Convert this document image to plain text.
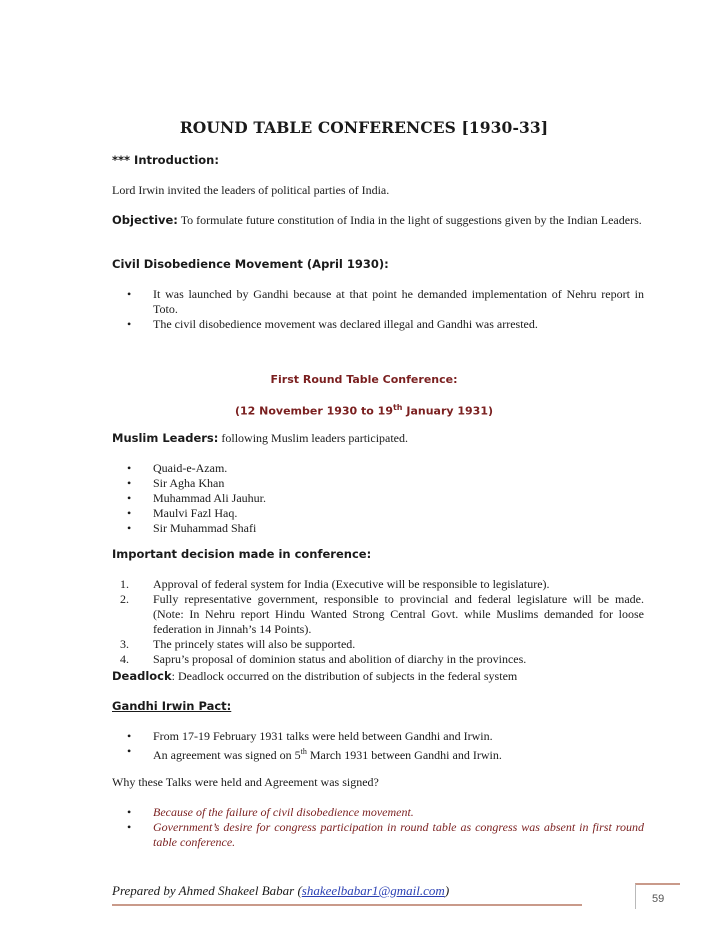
ROUND TABLE CONFERENCES [1930-33]
*** Introduction:
Lord Irwin invited the leaders of political parties of India.
Objective: To formulate future constitution of India in the light of suggestions given by the Indian Leaders.
Civil Disobedience Movement (April 1930):
•	It was launched by Gandhi because at that point he demanded implementation of Nehru report in Toto.
•	The civil disobedience movement was declared illegal and Gandhi was arrested.
First Round Table Conference:
(12 November 1930 to 19th January 1931)
Muslim Leaders: following Muslim leaders participated.
•	Quaid-e-Azam.
•	Sir Agha Khan
•	Muhammad Ali Jauhur.
•	Maulvi Fazl Haq.
•	Sir Muhammad Shafi
Important decision made in conference:
1.	Approval of federal system for India (Executive will be responsible to legislature).
2.	Fully representative government, responsible to provincial and federal legislature will be made. (Note: In Nehru report Hindu Wanted Strong Central Govt. while Muslims demanded for loose federation in Jinnah’s 14 Points).
3.	The princely states will also be supported.
4.	Sapru’s proposal of dominion status and abolition of diarchy in the provinces.
Deadlock: Deadlock occurred on the distribution of subjects in the federal system
Gandhi Irwin Pact:
•	From 17-19 February 1931 talks were held between Gandhi and Irwin.
•	An agreement was signed on 5th March 1931 between Gandhi and Irwin.
Why these Talks were held and Agreement was signed?
•	Because of the failure of civil disobedience movement.
•	Government’s desire for congress participation in round table as congress was absent in first round table conference.
Prepared by Ahmed Shakeel Babar (shakeelbabar1@gmail.com)
59
